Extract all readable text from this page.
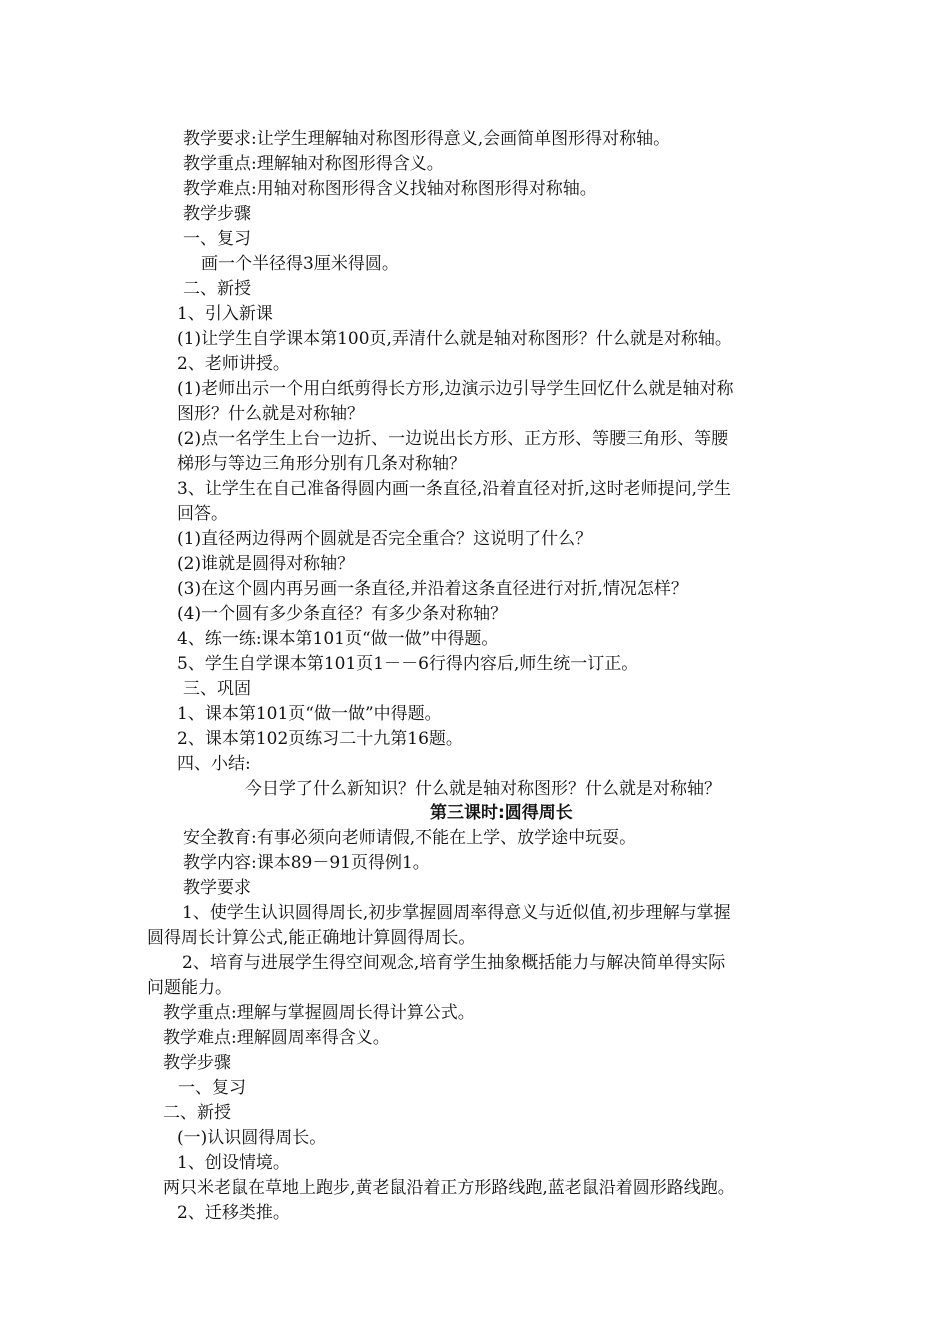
教学要求:让学生理解轴对称图形得意义,会画简单图形得对称轴。
教学重点:理解轴对称图形得含义。
教学难点:用轴对称图形得含义找轴对称图形得对称轴。
教学步骤
一、复习
画一个半径得3厘米得圆。
二、新授
1、引入新课
(1)让学生自学课本第100页,弄清什么就是轴对称图形？什么就是对称轴。
2、老师讲授。
(1)老师出示一个用白纸剪得长方形,边演示边引导学生回忆什么就是轴对称
图形？什么就是对称轴？
(2)点一名学生上台一边折、一边说出长方形、正方形、等腰三角形、等腰
梯形与等边三角形分别有几条对称轴？
3、让学生在自己准备得圆内画一条直径,沿着直径对折,这时老师提问,学生
回答。
(1)直径两边得两个圆就是否完全重合？这说明了什么？
(2)谁就是圆得对称轴？
(3)在这个圆内再另画一条直径,并沿着这条直径进行对折,情况怎样？
(4)一个圆有多少条直径？有多少条对称轴？
4、练一练:课本第101页“做一做”中得题。
5、学生自学课本第101页1－－6行得内容后,师生统一订正。
三、巩固
1、课本第101页“做一做”中得题。
2、课本第102页练习二十九第16题。
四、小结:
今日学了什么新知识？什么就是轴对称图形？什么就是对称轴？
第三课时:圆得周长
安全教育:有事必须向老师请假,不能在上学、放学途中玩耍。
教学内容:课本89－91页得例1。
教学要求
1、使学生认识圆得周长,初步掌握圆周率得意义与近似值,初步理解与掌握
圆得周长计算公式,能正确地计算圆得周长。
2、培育与进展学生得空间观念,培育学生抽象概括能力与解决简单得实际
问题能力。
教学重点:理解与掌握圆周长得计算公式。
教学难点:理解圆周率得含义。
教学步骤
一、复习
二、新授
(一)认识圆得周长。
1、创设情境。
两只米老鼠在草地上跑步,黄老鼠沿着正方形路线跑,蓝老鼠沿着圆形路线跑。
2、迁移类推。
